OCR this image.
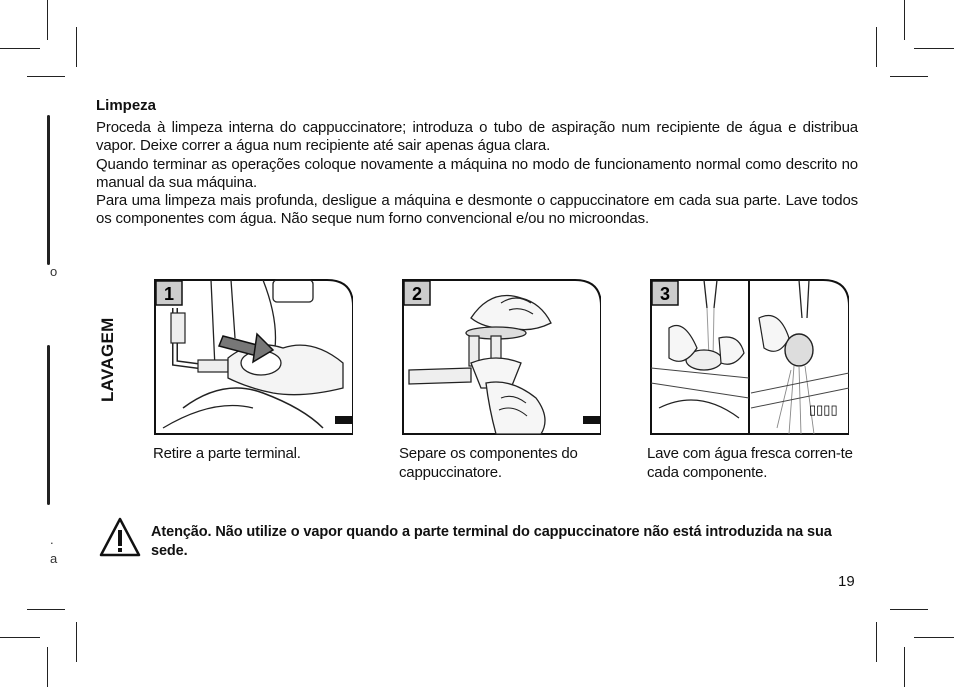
o
.
a
Limpeza

Proceda à limpeza interna do cappuccinatore; introduza o tubo de aspiração num recipiente de água e distribua vapor. Deixe correr a água num recipiente até sair apenas água clara.

Quando terminar as operações coloque novamente a máquina no modo de funcionamento normal como descrito no manual da sua máquina.

Para uma limpeza mais profunda, desligue a máquina e desmonte o cappuccinatore em cada sua parte. Lave todos os componentes com água. Não seque num forno convencional e/ou no microondas.

LAVAGEM
1
Retire a parte terminal.
2
Separe os componentes do cappuccinatore.
3
▯▯▯▯
Lave com água fresca corren-te cada componente.
Atenção. Não utilize o vapor quando a parte terminal do cappuccinatore não está introduzida na sua sede.
19
